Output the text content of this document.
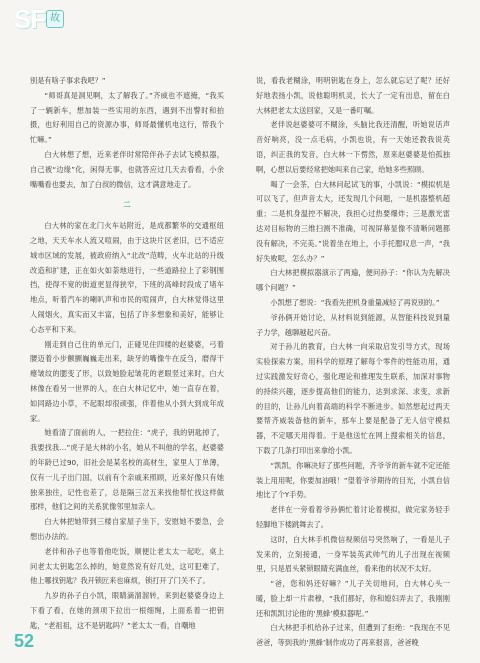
SF 故

别是有啥子事求我吧？”

“师哥真是洞见啊，太了解我了。”齐威也不遮掩，“我买了一辆新车，想加装一些实用的东西，遇到不出警时和拍摄，也好利用自己的资源办事，师哥最懂机电这行，帮我个忙嘛。”

白大林想了想，近来老伴时常陪伴孙子去试飞模拟器，自己被“边缘”化，闲得无事，也就答应过几天去看看，小余嘴嘴看也要去，加了白叔的微信，这才满意地走了。

二

白大林的家在北门火车站附近，是成都繁华的交通枢纽之地，天天车水人流又喧闹，由于这块片区老旧，已不适应城市区域的发展，被政府纳入“北改”范畴，火车北站的升级改造和扩建，正在如火如荼地进行，一些道路拉上了彩钢围挡，使得不宽的街道更显得狭窄，下班的高峰时段成了堵车地点，听着汽车的喇叭声和市民的喧闹声，白大林觉得这里人闹烟火，真实而又丰富，包括了许多想象和美好，能够让心态平和下来。

刚走到自己住的单元门，正碰见住四楼的赵婆婆，弓着腰迈着小步颤颤巍巍走出来，缺牙的嘴像牛在反刍，磨得干瘪皱纹的腮变了形，以致她脸起皱花的老眼竖过来时，白大林像在看另一世界的人，在白大林记忆中，她一直存在着，如同路边小草，不起眼却很顽强，伴着他从小到大到成年成家。

她看清了面前的人，一把拉住：“虎子，我的钥匙掉了，我要找我…”虎子是大林的小名，她从不叫他的学名，赵婆婆的年龄已过90，旧社会是某名校的高材生，家里人丁单薄，仅有一儿子出门国，以前有个亲戚来照顾，近来好像只有她独来独往，记性也差了，总是隔三岔五来找他帮忙找这样做那样，他们之间的关系犹像邻里加亲人。

白大林把她带到三楼自家屋子坐下，安慰她不要急，会想出办法的。

老伴和孙子也等着他吃饭，顺便让老太太一起吃，桌上问老太太钥匙怎么掉的，她竟然说有好几处，这可犯难了，他上哪找钥匙？我开锁匠来也麻烦，锁打开了门关不了。

九岁的孙子白小凯，眼睛滴溜溜转，来到赵婆婆身边上下看了看，在她的颈项下拉出一根细绳，上面系着一把钥匙，“老祖祖，这不是钥匙吗？”老太太一看，自嘲地

说，看我老糊涂，明明钥匙在身上，怎么就忘记了呢？还好好地表扬小凯，说他聪明机灵，长大了一定有出息，留在白大林把老太太送回家，又是一番叮嘱。

老伴说赵婆婆可不糊涂，头脑比我还清醒，听她说话声音好响亮，没一点毛病，小凯也说，有一天她还教我说英语，纠正我的发音，白大林一下愣然，原来赵婆婆是怕孤独啊，心想以后要经常把她叫来自己家，给她多些照顾。

喝了一会茶，白大林问起试飞的事，小凯说：“模拟机是可以飞了，但声音太大，还发现几个问题，一是机器整机超重；二是机身温控不解决，我担心过热要爆炸；三是激光雷达对目标物的三维扫测不准确，可视屏幕显像不清晰问题都没有解决，不完美。”说着坐在地上，小手托腮叹息一声，“我好失败呢，怎么办？”

白大林把模拟器演示了两遍，便问孙子：“你认为先解决哪个问题？”

小凯想了想说：“我看先把机身重量减轻了再说别的。”

爷孙俩开始讨论，从材料说到能源，从智能科技说到量子力学，越聊越起兴奋。

对于孙儿的教育，白大林一向采取启发引导方式，现场实验探索方案，用科学的原理了解每个零件的性能功用，通过实践激发好奇心，强化理论和推理发生联系，加深对事物的持续兴趣，逐步提高他们的能力，达到求深、求变，求新的目的，让孙儿向着高端的科学不断进步。如然想起过两天要帮齐威装备他的新车，那车上要是配备了无人信守模拟器，不定哪天用得着。于是他送忙在网上搜索相关的信息，下载了几条打印出来拿给小凯。

“凯凯，你嘛决好了那些问题，齐爷爷的新车就不定还能装上用用呢，你要加油哦！”望着爷爷期待的目光，小凯自信地比了个Y手势。

老伴在一旁看着爷孙俩忙着讨论着模拟，做完家务轻手轻脚地下楼跳舞去了。

这时，白大林手机微信视频信号突然响了，一看是儿子发来的，立刻接通，一身军装英武帅气的儿子出现在视频里，只是眉头紧锁眼睛充满血丝，看来他的状况不太好。

“爸，您和妈还好嘛？”儿子关切地问，白大林心头一暖，脸上却一片肃穆，“我们都好，你和媳妇弄去了，我刚刚还和凯凯讨论他的‘黑蜂’模拟器呢。”

白大林把手机给孙子过来，但遭到了拒绝：“我现在不见爸爸，等到我的‘黑蜂’制作成功了再来报喜，爸爸晚

52
